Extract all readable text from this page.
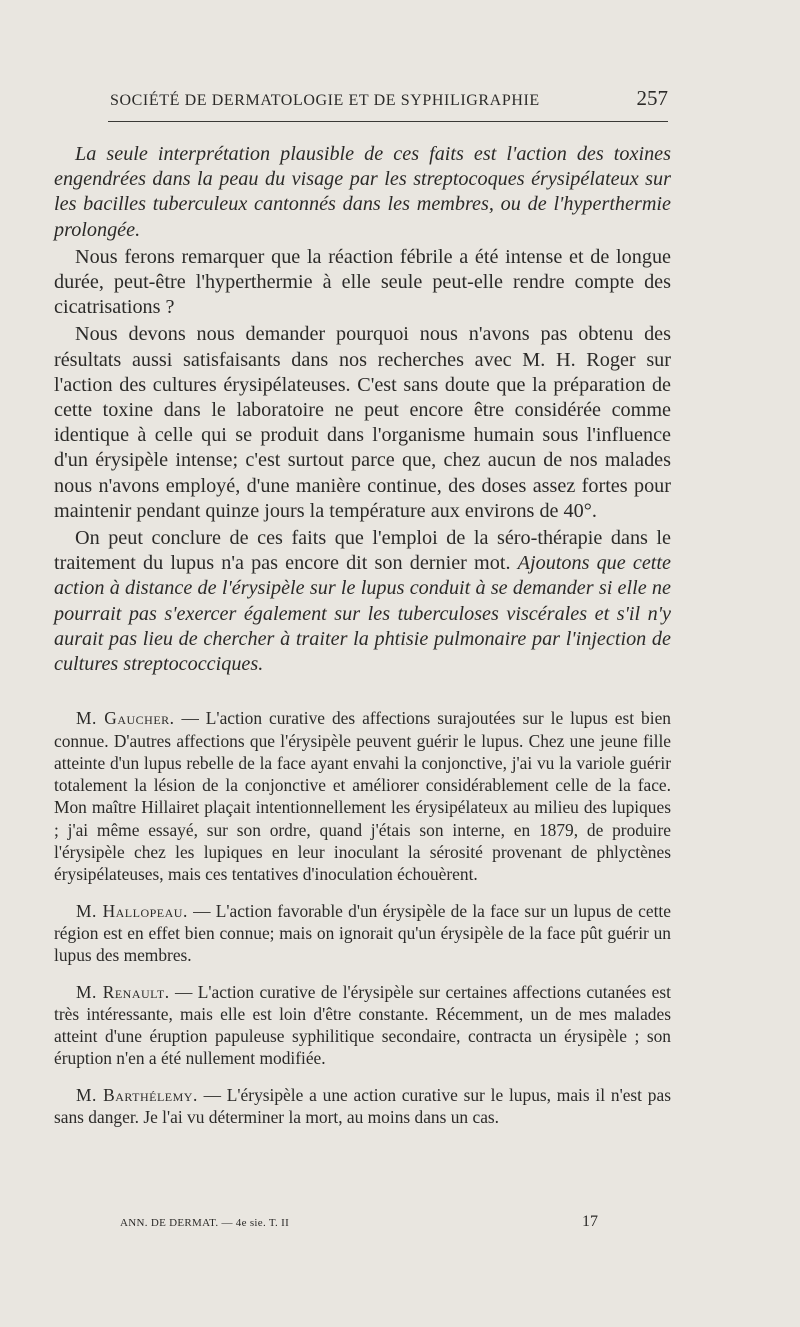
SOCIÉTÉ DE DERMATOLOGIE ET DE SYPHILIGRAPHIE	257

La seule interprétation plausible de ces faits est l'action des toxines engendrées dans la peau du visage par les streptocoques érysipélateux sur les bacilles tuberculeux cantonnés dans les membres, ou de l'hyperthermie prolongée.

Nous ferons remarquer que la réaction fébrile a été intense et de longue durée, peut-être l'hyperthermie à elle seule peut-elle rendre compte des cicatrisations ?

Nous devons nous demander pourquoi nous n'avons pas obtenu des résultats aussi satisfaisants dans nos recherches avec M. H. Roger sur l'action des cultures érysipélateuses. C'est sans doute que la préparation de cette toxine dans le laboratoire ne peut encore être considérée comme identique à celle qui se produit dans l'organisme humain sous l'influence d'un érysipèle intense; c'est surtout parce que, chez aucun de nos malades nous n'avons employé, d'une manière continue, des doses assez fortes pour maintenir pendant quinze jours la température aux environs de 40°.

On peut conclure de ces faits que l'emploi de la séro-thérapie dans le traitement du lupus n'a pas encore dit son dernier mot. Ajoutons que cette action à distance de l'érysipèle sur le lupus conduit à se demander si elle ne pourrait pas s'exercer également sur les tuberculoses viscérales et s'il n'y aurait pas lieu de chercher à traiter la phtisie pulmonaire par l'injection de cultures streptococciques.

M. Gaucher. — L'action curative des affections surajoutées sur le lupus est bien connue. D'autres affections que l'érysipèle peuvent guérir le lupus. Chez une jeune fille atteinte d'un lupus rebelle de la face ayant envahi la conjonctive, j'ai vu la variole guérir totalement la lésion de la conjonctive et améliorer considérablement celle de la face. Mon maître Hillairet plaçait intentionnellement les érysipélateux au milieu des lupiques ; j'ai même essayé, sur son ordre, quand j'étais son interne, en 1879, de produire l'érysipèle chez les lupiques en leur inoculant la sérosité provenant de phlyctènes érysipélateuses, mais ces tentatives d'inoculation échouèrent.

M. Hallopeau. — L'action favorable d'un érysipèle de la face sur un lupus de cette région est en effet bien connue; mais on ignorait qu'un érysipèle de la face pût guérir un lupus des membres.

M. Renault. — L'action curative de l'érysipèle sur certaines affections cutanées est très intéressante, mais elle est loin d'être constante. Récemment, un de mes malades atteint d'une éruption papuleuse syphilitique secondaire, contracta un érysipèle ; son éruption n'en a été nullement modifiée.

M. Barthélemy. — L'érysipèle a une action curative sur le lupus, mais il n'est pas sans danger. Je l'ai vu déterminer la mort, au moins dans un cas.

ANN. DE DERMAT. — 4e sie. T. II	17
